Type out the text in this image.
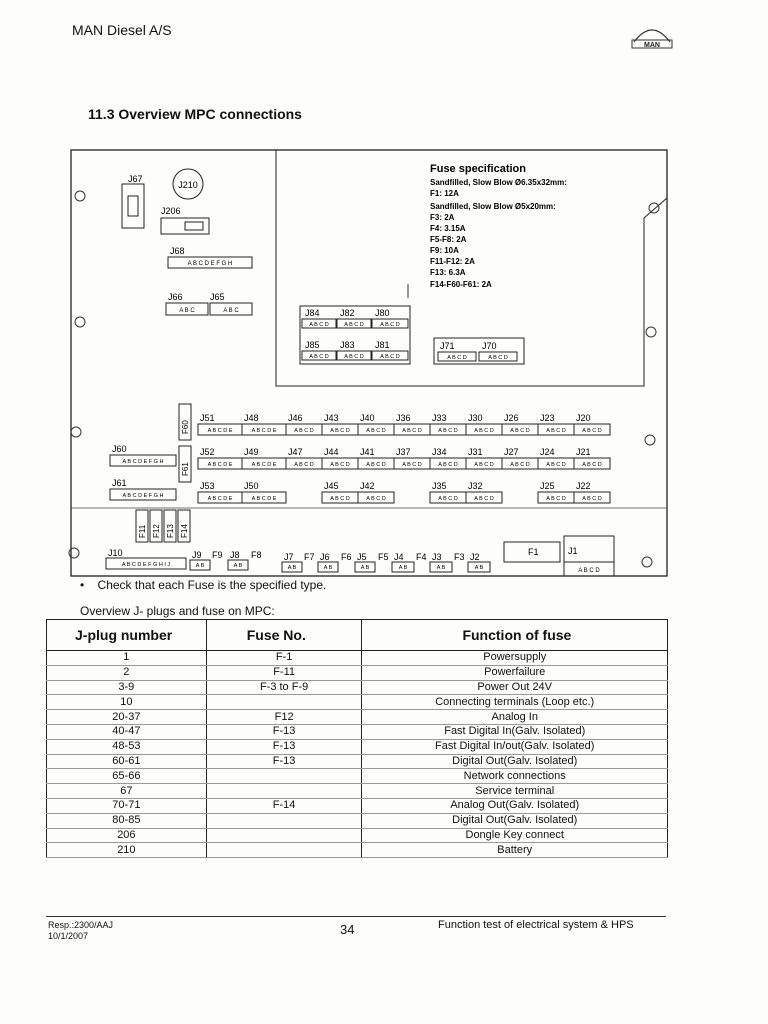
MAN Diesel A/S
MAN
11.3 Overview MPC connections
Fuse specification
Sandfilled, Slow Blow Ø6.35x32mm:
F1: 12A
Sandfilled, Slow Blow Ø5x20mm:
F3: 2A
F4: 3.15A
F5-F8: 2A
F9: 10A
F11-F12: 2A
F13: 6.3A
F14-F60-F61: 2A
J67
J210
J206
J68
A B C D E F G H
J66	J65
A B C	A B C	J84 J82 J80
A B C D	A B C D	A B C D
J85 J83 J81
A B C D	A B C D	A B C D
J71	J70
A B C D	A B C D
F60
F61
J51	J48	J46 J43 J40 J36 J33 J30 J26 J23 J20
A B C D E	A B C D E	A B C D	A B C D	A B C D	A B C D	A B C D	A B C D	A B C D	A B C D	A B C D
J60
A B C D E F G H
J52	J49	J47 J44 J41 J37 J34 J31 J27 J24 J21
A B C D E	A B C D E	A B C D	A B C D	A B C D	A B C D	A B C D	A B C D	A B C D	A B C D	A B C D
J61
A B C D E F G H
J53	J50	J45 J42	J35 J32	J25 J22
A B C D E	A B C D E	A B C D	A B C D	A B C D	A B C D	A B C D	A B C D
F11 F12 F13 F14
J10
A B C D E F G H I J
J9
A B
F9 J8
A B
F8 J7
A B
F7 J6
A B
F6 J5
A B
F5 J4
A B
F4 J3
A B
F3 J2
A B
F1	J1
A B C D
•    Check that each Fuse is the specified type.
Overview J- plugs and fuse on MPC:
J-plug number	Fuse No.	Function of fuse
1	F-1	Powersupply
2	F-11	Powerfailure
3-9	F-3 to F-9	Power Out 24V
10		Connecting terminals (Loop etc.)
20-37	F12	Analog In
40-47	F-13	Fast Digital In(Galv. Isolated)
48-53	F-13	Fast Digital In/out(Galv. Isolated)
60-61	F-13	Digital Out(Galv. Isolated)
65-66		Network connections
67		Service terminal
70-71	F-14	Analog Out(Galv. Isolated)
80-85		Digital Out(Galv. Isolated)
206		Dongle Key connect
210		Battery
Resp.:2300/AAJ
10/1/2007	34	Function test of electrical system & HPS
